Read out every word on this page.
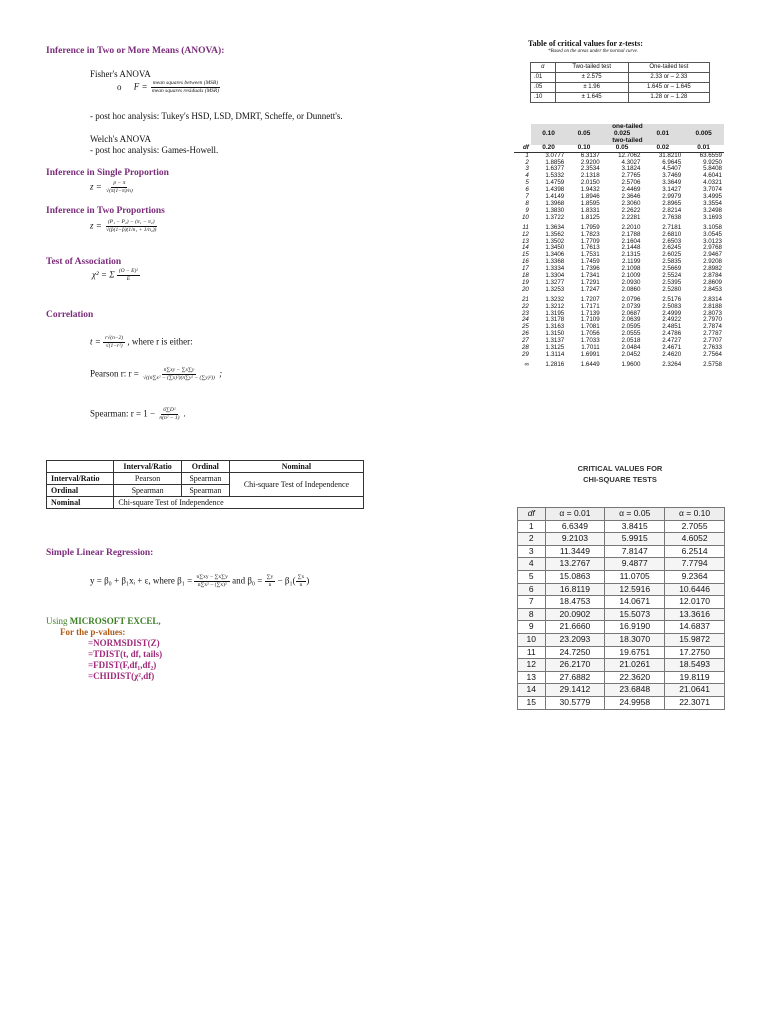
Inference in Two or More Means (ANOVA):
Fisher's ANOVA
o $F = \frac{\text{mean squares between (MSB)}}{\text{mean squares residuals (MSR)}}$
- post hoc analysis: Tukey's HSD, LSD, DMRT, Scheffe, or Dunnett's.
Welch's ANOVA
- post hoc analysis: Games-Howell.
Inference in Single Proportion
$z = \frac{p - \pi}{√(\pi(1-\pi)/n)}$
Inference in Two Proportions
$z = \frac{\text{(P₁ − P₂) − (π₁ − π₂)}}{\text{√(p̄(1−p̄)(1/n₁ + 1/n₂))}}$
Test of Association
χ² = Σ $\frac{\text{(O − E)²}}{E}$
Correlation
$t = \frac{r√(n-2)}{\text{√(1−r²)}}$ , where r is either:
Pearson r: $r = \frac{n\sum xy - \sum x\sum y}{\text{√((n∑x² − (∑x)²)(n∑y² − (∑y)²))}}$ ;
Spearman: $r = 1 - \frac{\text{6∑D²}}{\text{n(n² − 1)}}$ .
	Interval/Ratio	Ordinal	Nominal
Interval/Ratio	Pearson	Spearman	Chi-square Test of Independence
Ordinal	Spearman	Spearman	
Nominal	Chi-square Test of Independence		
Simple Linear Regression:
y = β₀ + β₁xᵢ + ε, where $\beta_1 = \frac{n\sum xy - \sum x\sum y}{\text{n∑x² − (∑x)²}}$ and $\beta_0 = \frac{\sum y}{n} - \beta_1( \frac{\sum x}{n}$ )
Using MICROSOFT EXCEL,
For the p-values:
=NORMSDIST(Z)
=TDIST(t, df, tails)
=FDIST(F,df₁,df₂)
=CHIDIST(χ²,df)
Table of critical values for z-tests:
*Based on the areas under the normal curve.
α	Two-tailed test	One-tailed test
.01	± 2.575	2.33 or – 2.33
.05	± 1.96	1.645 or – 1.645
.10	± 1.645	1.28 or – 1.28
	one-tailed				
	0.10	0.05	0.025	0.01	0.005
	two-tailed				
df	0.20	0.10	0.05	0.02	0.01
1	3.0777	6.3137	12.7062	31.8210	63.6559
2	1.8856	2.9200	4.3027	6.9645	9.9250
3	1.6377	2.3534	3.1824	4.5407	5.8408
4	1.5332	2.1318	2.7765	3.7469	4.6041
5	1.4759	2.0150	2.5706	3.3649	4.0321
6	1.4398	1.9432	2.4469	3.1427	3.7074
7	1.4149	1.8946	2.3646	2.9979	3.4995
8	1.3968	1.8595	2.3060	2.8965	3.3554
9	1.3830	1.8331	2.2622	2.8214	3.2498
10	1.3722	1.8125	2.2281	2.7638	3.1693
11	1.3634	1.7959	2.2010	2.7181	3.1058
12	1.3562	1.7823	2.1788	2.6810	3.0545
13	1.3502	1.7709	2.1604	2.6503	3.0123
14	1.3450	1.7613	2.1448	2.6245	2.9768
15	1.3406	1.7531	2.1315	2.6025	2.9467
16	1.3368	1.7459	2.1199	2.5835	2.9208
17	1.3334	1.7396	2.1098	2.5669	2.8982
18	1.3304	1.7341	2.1009	2.5524	2.8784
19	1.3277	1.7291	2.0930	2.5395	2.8609
20	1.3253	1.7247	2.0860	2.5280	2.8453
21	1.3232	1.7207	2.0796	2.5176	2.8314
22	1.3212	1.7171	2.0739	2.5083	2.8188
23	1.3195	1.7139	2.0687	2.4999	2.8073
24	1.3178	1.7109	2.0639	2.4922	2.7970
25	1.3163	1.7081	2.0595	2.4851	2.7874
26	1.3150	1.7056	2.0555	2.4786	2.7787
27	1.3137	1.7033	2.0518	2.4727	2.7707
28	1.3125	1.7011	2.0484	2.4671	2.7633
29	1.3114	1.6991	2.0452	2.4620	2.7564
∞	1.2816	1.6449	1.9600	2.3264	2.5758
CRITICAL VALUES FOR
CHI-SQUARE TESTS
df	α = 0.01	α = 0.05	α = 0.10
1	6.6349	3.8415	2.7055
2	9.2103	5.9915	4.6052
3	11.3449	7.8147	6.2514
4	13.2767	9.4877	7.7794
5	15.0863	11.0705	9.2364
6	16.8119	12.5916	10.6446
7	18.4753	14.0671	12.0170
8	20.0902	15.5073	13.3616
9	21.6660	16.9190	14.6837
10	23.2093	18.3070	15.9872
11	24.7250	19.6751	17.2750
12	26.2170	21.0261	18.5493
13	27.6882	22.3620	19.8119
14	29.1412	23.6848	21.0641
15	30.5779	24.9958	22.3071
